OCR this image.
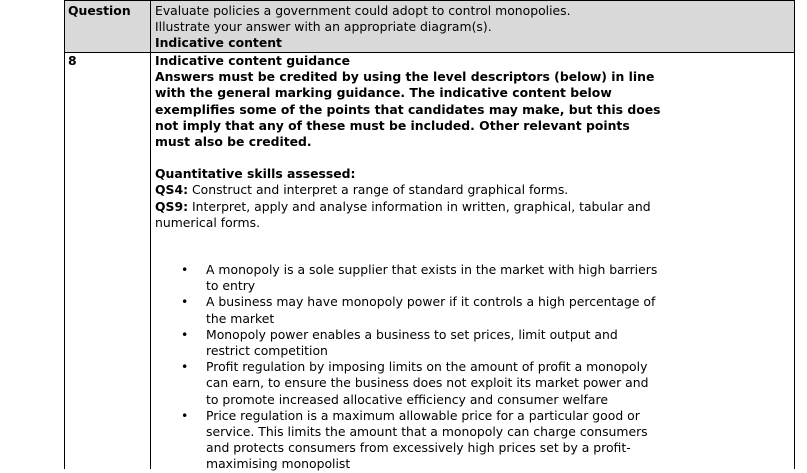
Question Evaluate policies a government could adopt to control monopolies.
Illustrate your answer with an appropriate diagram(s).
Indicative content
8	Indicative content guidance
Answers must be credited by using the level descriptors (below) in line
with the general marking guidance. The indicative content below
exemplifies some of the points that candidates may make, but this does
not imply that any of these must be included. Other relevant points
must also be credited.
Quantitative skills assessed:
QS4: Construct and interpret a range of standard graphical forms.
QS9: Interpret, apply and analyse information in written, graphical, tabular and
numerical forms.
• A monopoly is a sole supplier that exists in the market with high barriers
to entry
• A business may have monopoly power if it controls a high percentage of
the market
• Monopoly power enables a business to set prices, limit output and
restrict competition
• Profit regulation by imposing limits on the amount of profit a monopoly
can earn, to ensure the business does not exploit its market power and
to promote increased allocative efficiency and consumer welfare
• Price regulation is a maximum allowable price for a particular good or
service. This limits the amount that a monopoly can charge consumers
and protects consumers from excessively high prices set by a profit-
maximising monopolist
